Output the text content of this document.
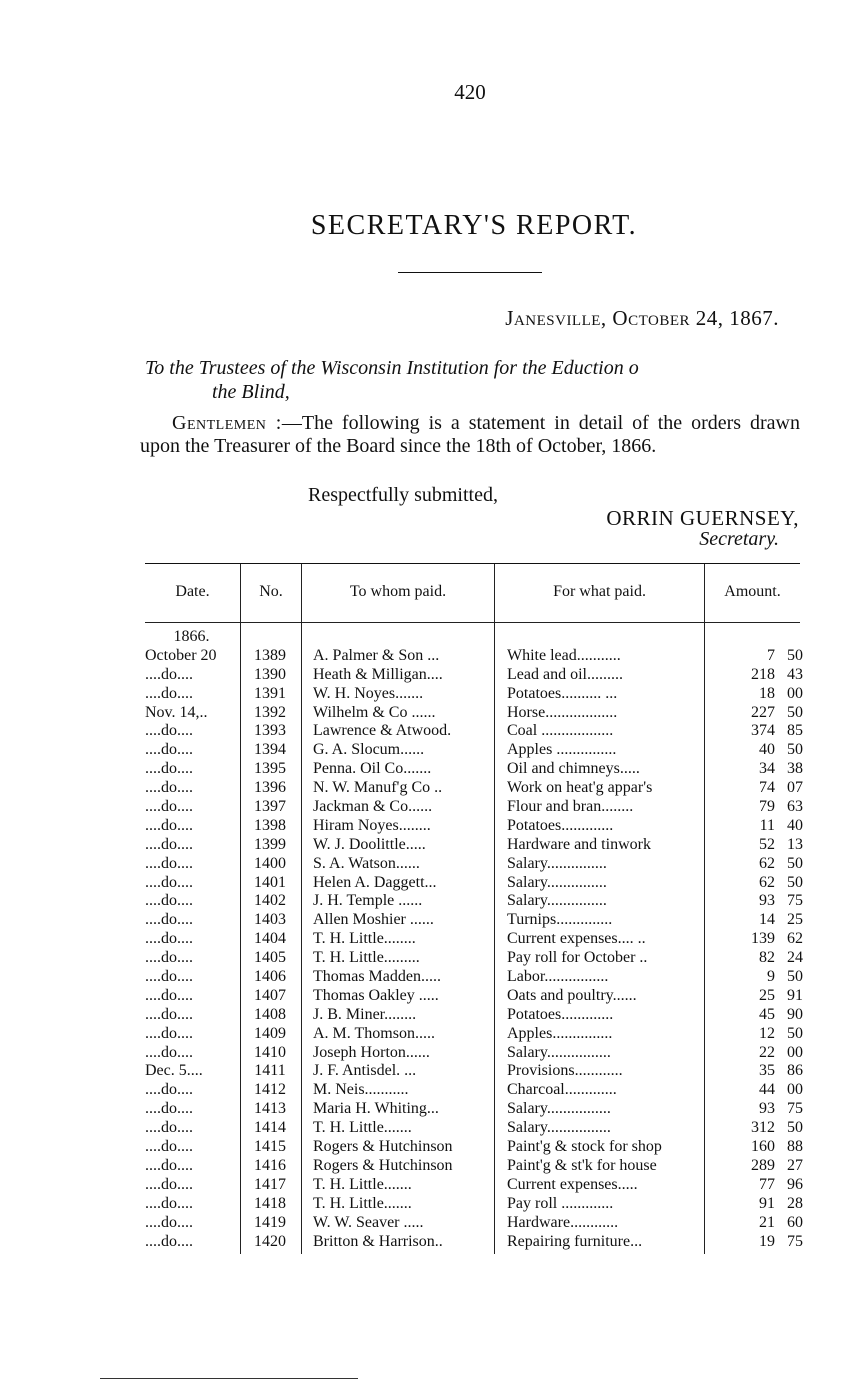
420
SECRETARY'S REPORT.
Janesville, October 24, 1867.
To the Trustees of the Wisconsin Institution for the Educti‌on o
the Blind,
Gentlemen :—The following is a statement in detail of the orders drawn upon the Treasurer of the Board since the 18th of October, 1866.
Respectfully submitted,
ORRIN GUERNSEY,
Secretary.
Date.	No.	To whom paid.	For what paid.	Amount.
1866.
October 20	1389	A. Palmer & Son ...	White lead...........	7 50
....do....	1390	Heath & Milligan....	Lead and oil.........	218 43
....do....	1391	W. H. Noyes.......	Potatoes.......... ...	18 00
Nov. 14,..	1392	Wilhelm & Co ......	Horse..................	227 50
....do....	1393	Lawrence & Atwood.	Coal ..................	374 85
....do....	1394	G. A. Slocum......	Apples ...............	40 50
....do....	1395	Penna. Oil Co.......	Oil and chimneys.....	34 38
....do....	1396	N. W. Manuf'g Co ..	Work on heat'g appar's	74 07
....do....	1397	Jackman & Co......	Flour and bran........	79 63
....do....	1398	Hiram Noyes........	Potatoes.............	11 40
....do....	1399	W. J. Doolittle.....	Hardware and tinwork	52 13
....do....	1400	S. A. Watson......	Salary...............	62 50
....do....	1401	Helen A. Daggett...	Salary...............	62 50
....do....	1402	J. H. Temple ......	Salary...............	93 75
....do....	1403	Allen Moshier ......	Turnips..............	14 25
....do....	1404	T. H. Little........	Current expenses.... ..	139 62
....do....	1405	T. H. Little.........	Pay roll for October ..	82 24
....do....	1406	Thomas Madden.....	Labor................	9 50
....do....	1407	Thomas Oakley .....	Oats and poultry......	25 91
....do....	1408	J. B. Miner........	Potatoes.............	45 90
....do....	1409	A. M. Thomson.....	Apples...............	12 50
....do....	1410	Joseph Horton......	Salary................	22 00
Dec. 5....	1411	J. F. Antisdel. ...	Provisions............	35 86
....do....	1412	M. Neis...........	Charcoal.............	44 00
....do....	1413	Maria H. Whiting...	Salary................	93 75
....do....	1414	T. H. Little.......	Salary................	312 50
....do....	1415	Rogers & Hutchinson	Paint'g & stock for shop	160 88
....do....	1416	Rogers & Hutchinson	Paint'g & st'k for house	289 27
....do....	1417	T. H. Little.......	Current expenses.....	77 96
....do....	1418	T. H. Little.......	Pay roll .............	91 28
....do....	1419	W. W. Seaver .....	Hardware............	21 60
....do....	1420	Britton & Harrison..	Repairing furniture...	19 75
